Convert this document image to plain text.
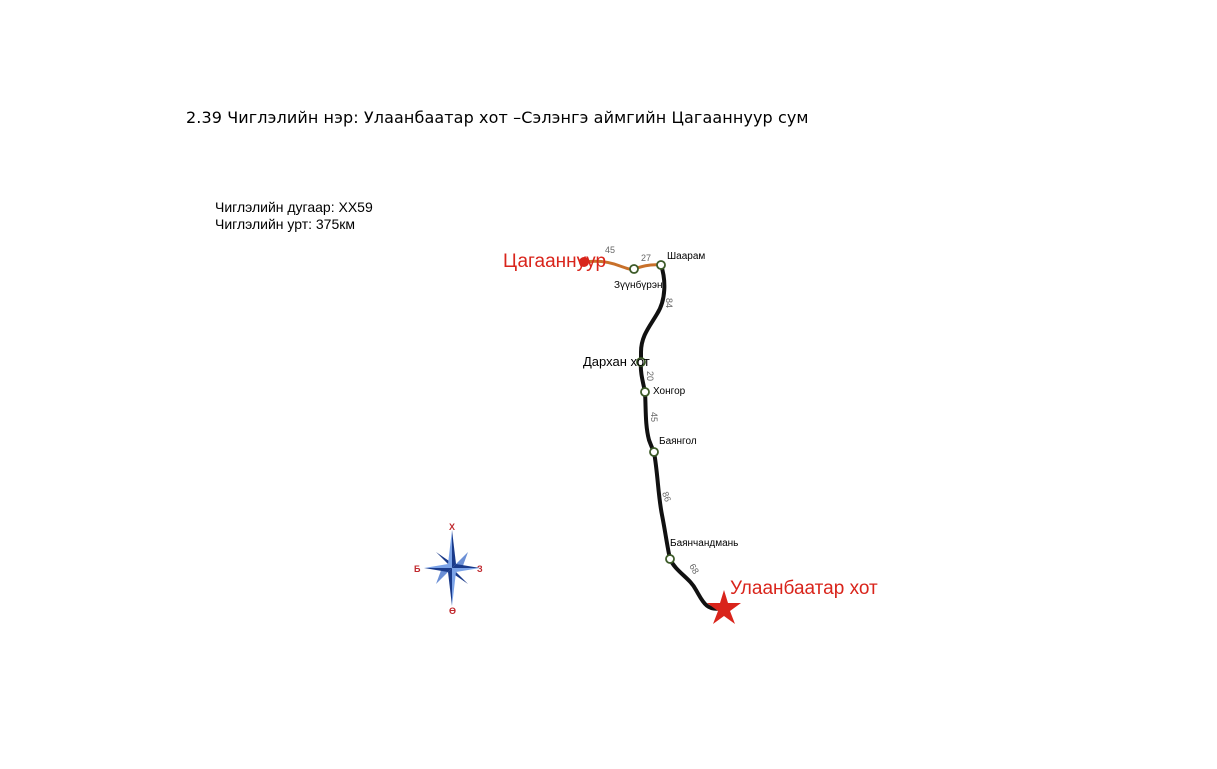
2.39 Чиглэлийн нэр: Улаанбаатар хот –Сэлэнгэ аймгийн Цагааннуур сум
Чиглэлийн дугаар: ХХ59
Чиглэлийн урт: 375км
45
27
84
20
45
86
68
Зүүнбүрэн
Шаарам
Дархан хот
Хонгор
Баянгол
Баянчандмань
Цагааннуур
Улаанбаатар хот
Х
Ө
Б	З
